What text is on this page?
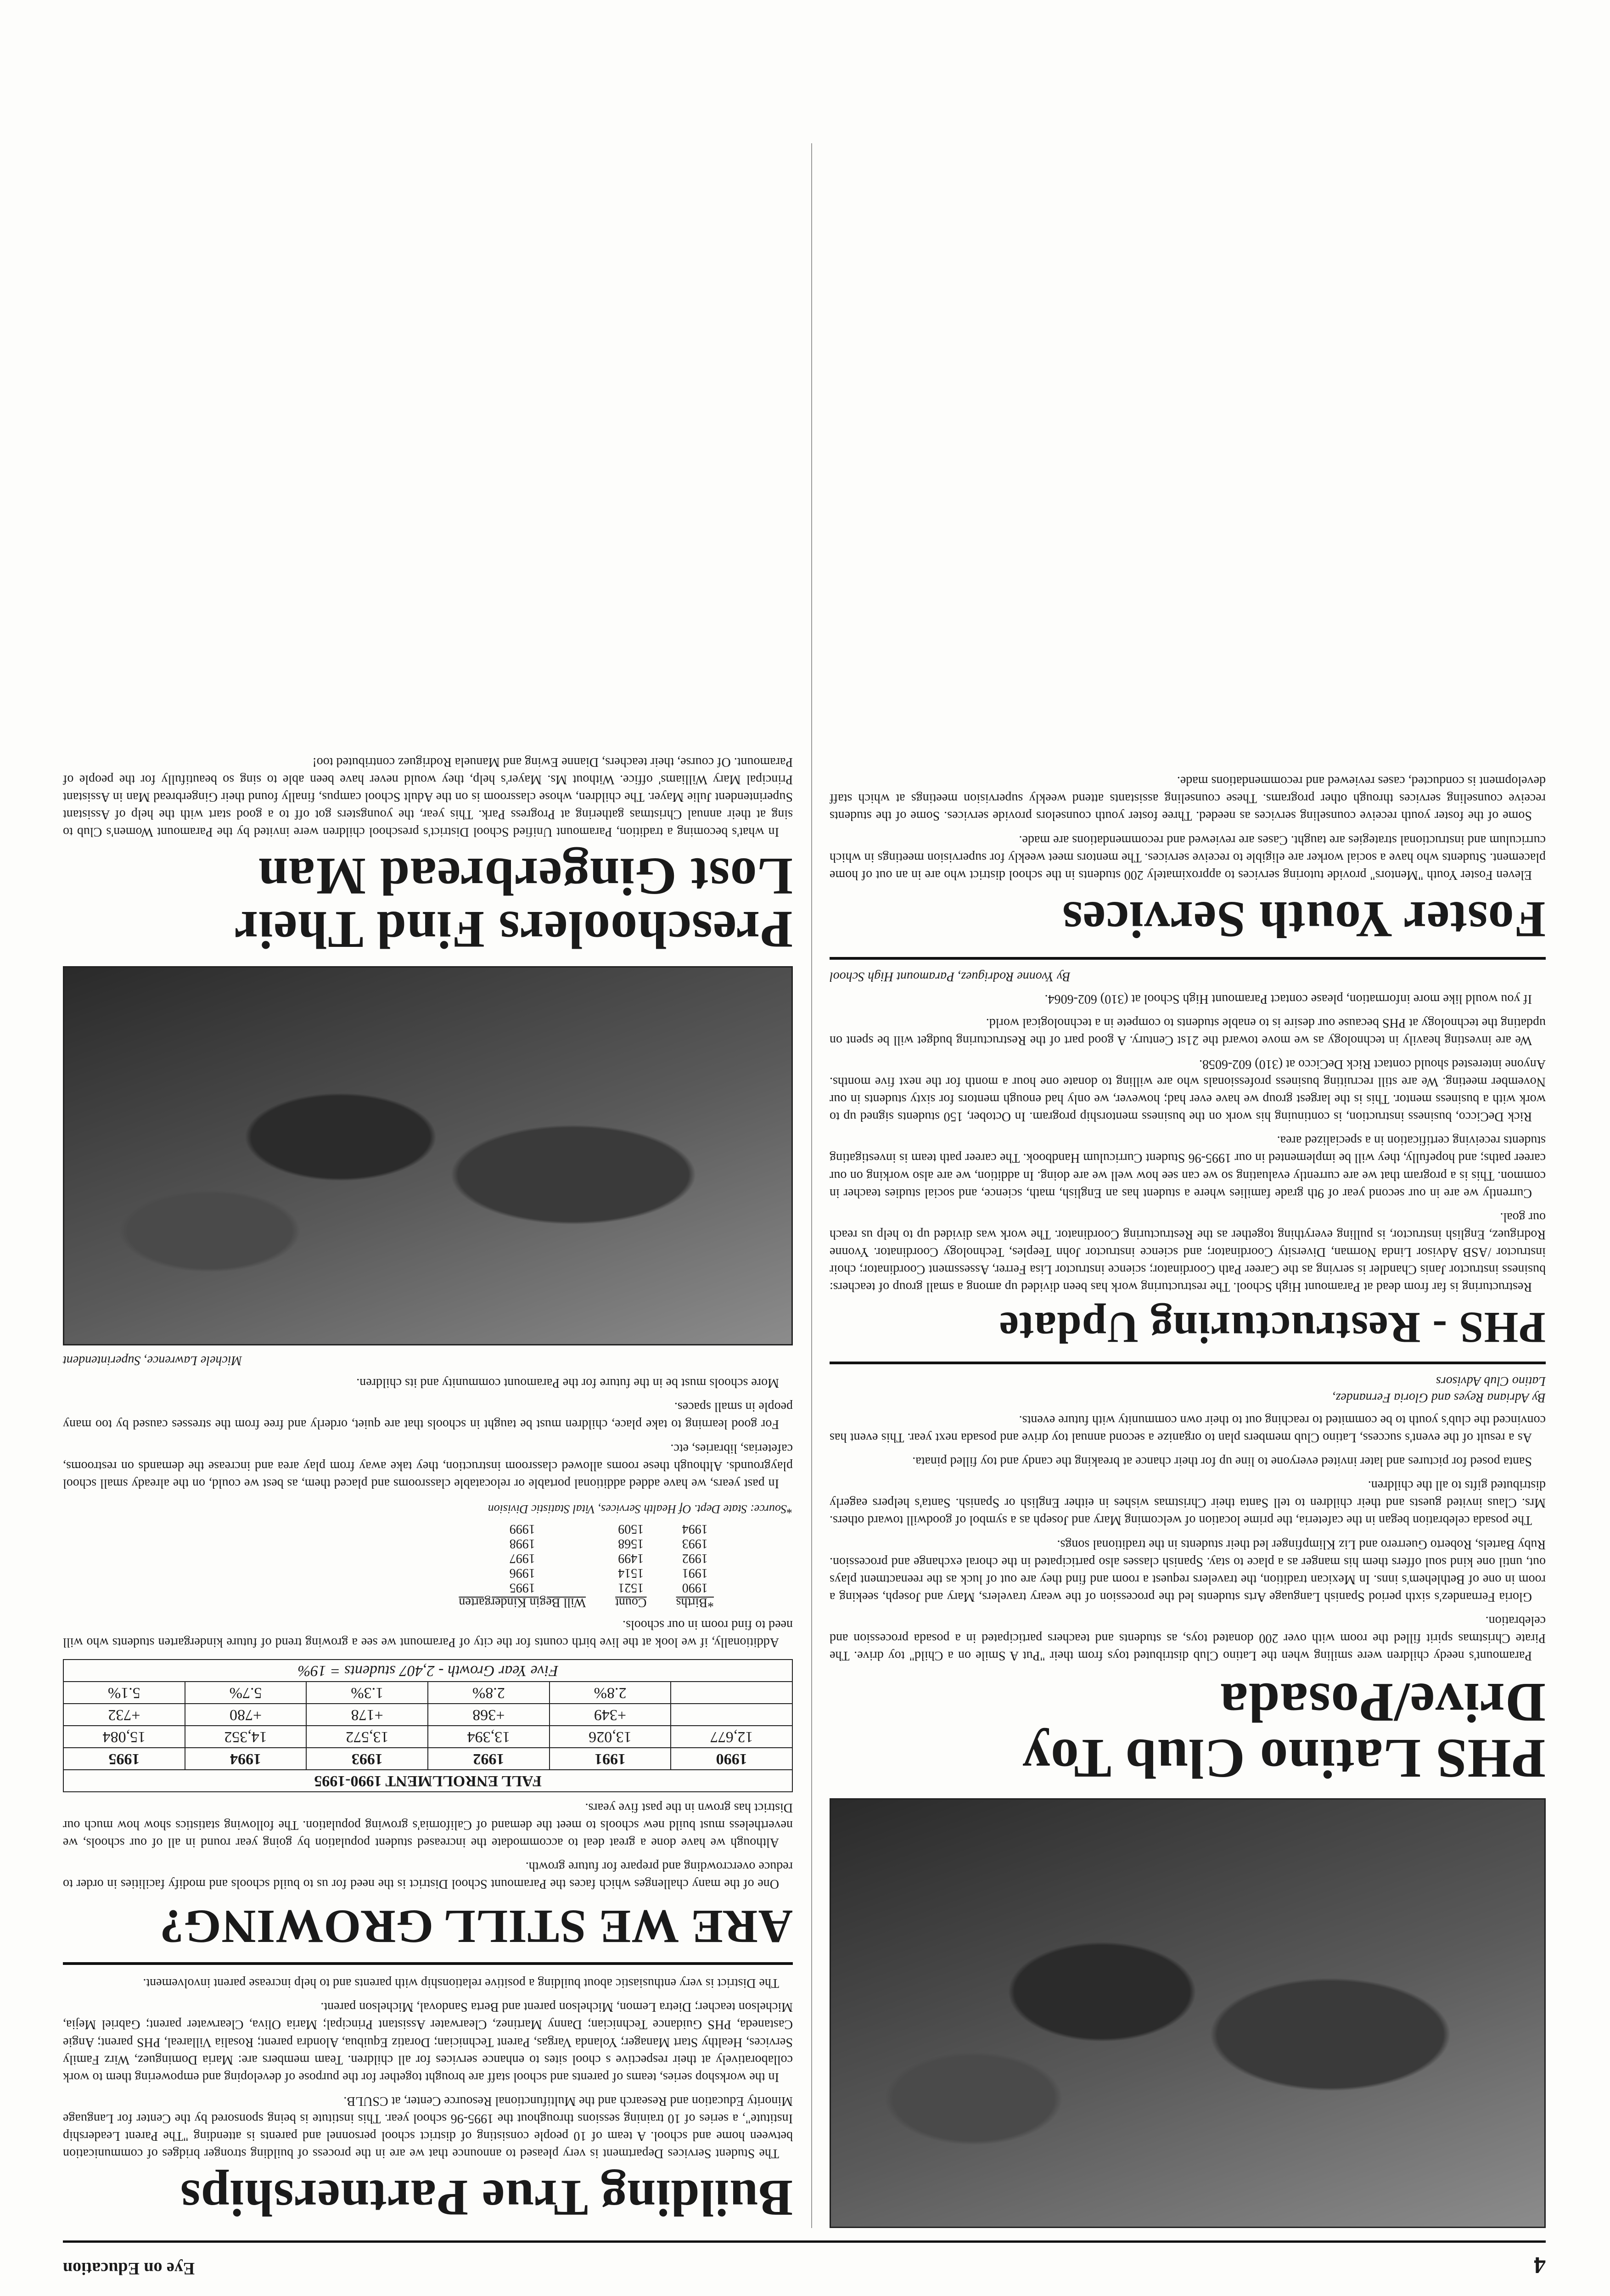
4
Eye on Education
PHS Latino Club Toy
Drive/Posada

Paramount's needy children were smiling when the Latino Club distributed toys from their "Put A Smile on a Child" toy drive. The Pirate Christmas spirit filled the room with over 200 donated toys, as students and teachers participated in a posada procession and celebration.

Gloria Fernandez's sixth period Spanish Language Arts students led the procession of the weary travelers, Mary and Joseph, seeking a room in one of Bethlehem's inns. In Mexican tradition, the travelers request a room and find they are out of luck as the reenactment plays out, until one kind soul offers them his manger as a place to stay. Spanish classes also participated in the choral exchange and procession. Ruby Bartels, Roberto Guerrero and Liz Klimpfinger led their students in the traditional songs.

The posada celebration began in the cafeteria, the prime location of welcoming Mary and Joseph as a symbol of goodwill toward others. Mrs. Claus invited guests and their children to tell Santa their Christmas wishes in either English or Spanish. Santa's helpers eagerly distributed gifts to all the children.

Santa posed for pictures and later invited everyone to line up for their chance at breaking the candy and toy filled pinata.

As a result of the event's success, Latino Club members plan to organize a second annual toy drive and posada next year. This event has convinced the club's youth to be commited to reaching out to their own community with future events.

By Adriana Reyes and Gloria Fernandez,
Latino Club Advisors
PHS - Restructuring Update

Restructuring is far from dead at Paramount High School. The restructuring work has been divided up among a small group of teachers: business instructor Janis Chandler is serving as the Career Path Coordinator; science instructor Lisa Ferrer, Assessment Coordinator; choir instructor /ASB Advisor Linda Norman, Diversity Coordinator; and science instructor John Teeples, Technology Coordinator. Yvonne Rodriguez, English instructor, is pulling everything together as the Restructuring Coordinator. The work was divided up to help us reach our goal.

Currently we are in our second year of 9th grade families where a student has an English, math, science, and social studies teacher in common. This is a program that we are currently evaluating so we can see how well we are doing. In addition, we are also working on our career paths; and hopefully, they will be implemented in our 1995-96 Student Curriculum Handbook. The career path team is investigating students receiving certification in a specialized area.

Rick DeCicco, business instruction, is continuing his work on the business mentorship program. In October, 150 students signed up to work with a business mentor. This is the largest group we have ever had; however, we only had enough mentors for sixty students in our November meeting. We are still recruiting business professionals who are willing to donate one hour a month for the next five months. Anyone interested should contact Rick DeCicco at (310) 602-6058.

We are investing heavily in technology as we move toward the 21st Century. A good part of the Restructuring budget will be spent on updating the technology at PHS because our desire is to enable students to compete in a technological world.

If you would like more information, please contact Paramount High School at (310) 602-6064.

By Yvonne Rodriguez, Paramount High School
Foster Youth Services

Eleven Foster Youth "Mentors" provide tutoring services to approximately 200 students in the school district who are in an out of home placement. Students who have a social worker are eligible to receive services. The mentors meet weekly for supervision meetings in which curriculum and instructional strategies are taught. Cases are reviewed and recommendations are made.

Some of the foster youth receive counseling services as needed. Three foster youth counselors provide services. Some of the students receive counseling services through other programs. These counseling assistants attend weekly supervision meetings at which staff development is conducted, cases reviewed and recommendations made.

Building True Partnerships

The Student Services Department is very pleased to announce that we are in the process of building stronger bridges of communication between home and school. A team of 10 people consisting of district school personnel and parents is attending "The Parent Leadership Institute", a series of 10 training sessions throughout the 1995-96 school year. This institute is being sponsored by the Center for Language Minority Education and Research and the Multifunctional Resource Center, at CSULB.

In the workshop series, teams of parents and school staff are brought together for the purpose of developing and empowering them to work collaboratively at their respective s chool sites to enhance services for all children. Team members are: Maria Dominguez, Wirz Family Services, Healthy Start Manager; Yolanda Vargas, Parent Technician; Doratiz Equibua, Alondra parent; Rosalia Villareal, PHS parent; Angie Castaneda, PHS Guidance Technician; Danny Martinez, Clearwater Assistant Principal; Maria Oliva, Clearwater parent; Gabriel Mejia, Michelson teacher; Dietra Lemon, Michelson parent and Berta Sandoval, Michelson parent.

The District is very enthusiastic about building a positive relationship with parents and to help increase parent involvement.

ARE WE STILL GROWING?

One of the many challenges which faces the Paramount School District is the need for us to build schools and modify facilities in order to reduce overcrowding and prepare for future growth.

Although we have done a great deal to accommodate the increased student population by going year round in all of our schools, we nevertheless must build new schools to meet the demand of California's growing population. The following statistics show how much our District has grown in the past five years.

FALL ENROLLMENT 1990-1995
1990	1991	1992	1993	1994	1995
12,677	13,026	13,394	13,572	14,352	15,084
	+349	+368	+178	+780	+732
	2.8%	2.8%	1.3%	5.7%	5.1%
Five Year Growth - 2,407 students = 19%					

Additionally, if we look at the live birth counts for the city of Paramount we see a growing trend of future kindergarten students who will need to find room in our schools.

*Births	Count	Will Begin Kindergarten
1990	1521	1995
1991	1514	1996
1992	1499	1997
1993	1568	1998
1994	1509	1999
*Source: State Dept. Of Health Services, Vital Statistic Division

In past years, we have added additional portable or relocatable classrooms and placed them, as best we could, on the already small school playgrounds. Although these rooms allowed classroom instruction, they take away from play area and increase the demands on restrooms, cafeterias, libraries, etc.

For good learning to take place, children must be taught in schools that are quiet, orderly and free from the stresses caused by too many people in small spaces.

More schools must be in the future for the Paramount community and its children.

Michele Lawrence, Superintendent
Preschoolers Find Their
Lost Gingerbread Man

In what's becoming a tradition, Paramount Unified School District's preschool children were invited by the Paramount Women's Club to sing at their annual Christmas gathering at Progress Park. This year, the youngsters got off to a good start with the help of Assistant Superintendent Julie Mayer. The children, whose classroom is on the Adult School campus, finally found their Gingerbread Man in Assistant Principal Mary Williams' office. Without Ms. Mayer's help, they would never have been able to sing so beautifully for the people of Paramount. Of course, their teachers, Dianne Ewing and Manuela Rodriguez contributed too!
